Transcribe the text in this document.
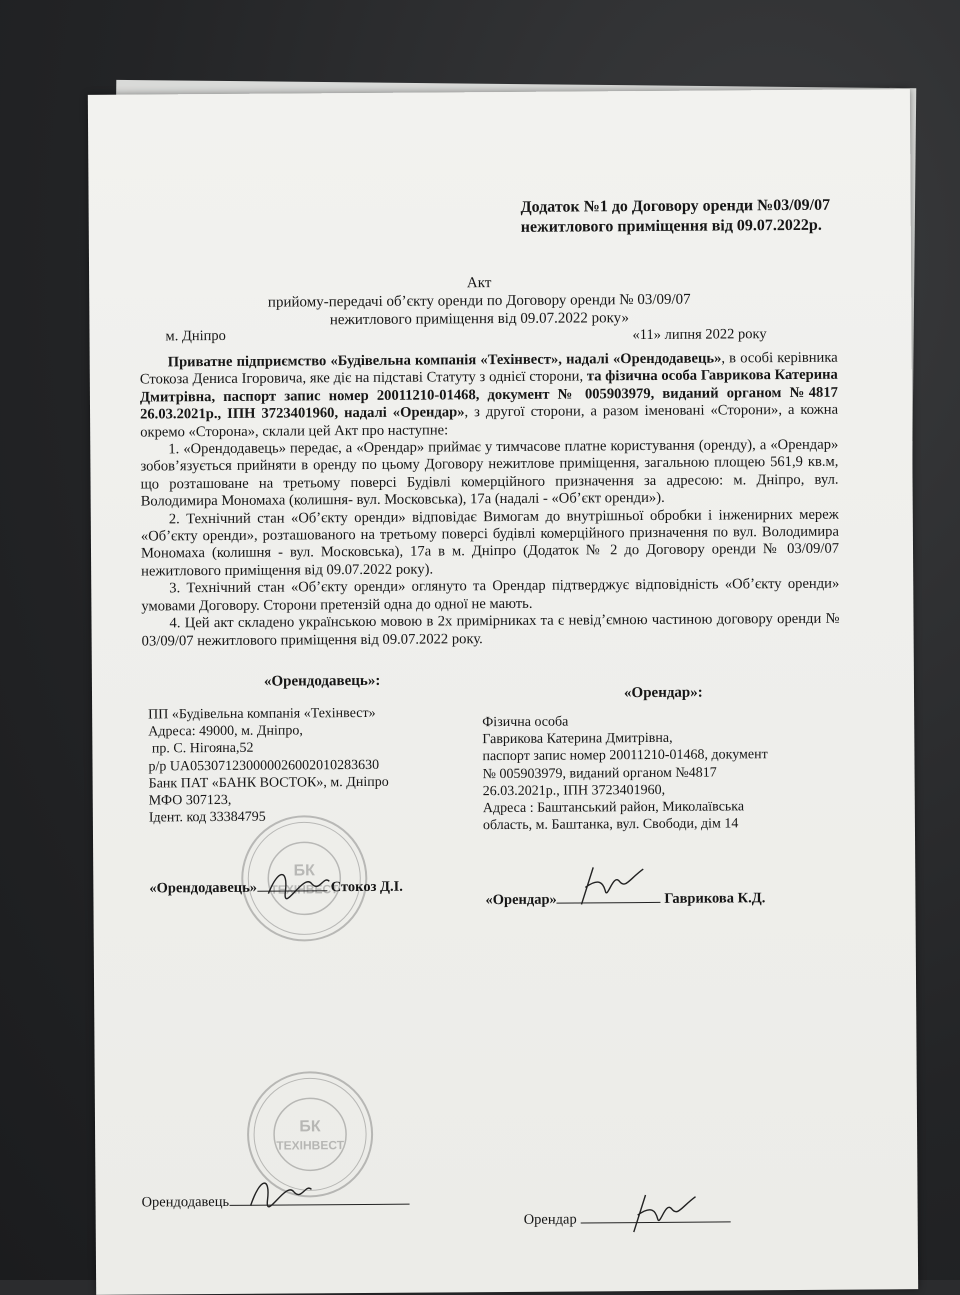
Додаток №1 до Договору оренди №03/09/07
нежитлового приміщення від 09.07.2022р.
Акт
прийому-передачі об’єкту оренди по Договору оренди № 03/09/07
нежитлового приміщення від 09.07.2022 року»
м. Дніпро	«11» липня 2022 року

Приватне підприємство «Будівельна компанія «Техінвест», надалі «Орендодавець», в особі керівника Стокоза Дениса Ігоровича, яке діє на підставі Статуту з однієї сторони, та фізична особа Гаврикова Катерина Дмитрівна, паспорт запис номер 20011210-01468, документ № 005903979, виданий органом №4817 26.03.2021р., ІПН 3723401960, надалі «Орендар», з другої сторони, а разом іменовані «Сторони», а кожна окремо «Сторона», склали цей Акт про наступне:

1. «Орендодавець» передає, а «Орендар» приймає у тимчасове платне користування (оренду), а «Орендар» зобов’язується прийняти в оренду по цьому Договору нежитлове приміщення, загальною площею 561,9 кв.м, що розташоване на третьому поверсі Будівлі комерційного призначення за адресою: м. Дніпро, вул. Володимира Мономаха (колишня- вул. Московська), 17а (надалі - «Об’єкт оренди»).

2. Технічний стан «Об’єкту оренди» відповідає Вимогам до внутрішньої обробки і інженирних мереж «Об’єкту оренди», розташованого на третьому поверсі будівлі комерційного призначення по вул. Володимира Мономаха (колишня - вул. Московська), 17а в м. Дніпро (Додаток № 2 до Договору оренди № 03/09/07 нежитлового приміщення від 09.07.2022 року).

3. Технічний стан «Об’єкту оренди» оглянуто та Орендар підтверджує відповідність «Об’єкту оренди» умовами Договору. Сторони претензій одна до одної не мають.

4. Цей акт складено українською мовою в 2х примірниках та є невід’ємною частиною договору оренди № 03/09/07 нежитлового приміщення від 09.07.2022 року.

«Орендодавець»:
«Орендар»:
ПП «Будівельна компанія «Техінвест»
Адреса: 49000, м. Дніпро,
пр. С. Нігояна,52
р/р UA053071230000026002010283630
Банк ПАТ «БАНК ВОСТОК», м. Дніпро
МФО 307123,
Ідент. код 33384795
Фізична особа
Гаврикова Катерина Дмитрівна,
паспорт запис номер 20011210-01468, документ
№ 005903979, виданий органом №4817
26.03.2021р., ІПН 3723401960,
Адреса : Баштанський район, Миколаївська
область, м. Баштанка, вул. Свободи, дім 14
БК
ТЕХІНВЕСТ
«Орендодавець»	Стокоз Д.І.
«Орендар»	Гаврикова К.Д.
БК
ТЕХІНВЕСТ
Орендодавець
Орендар
